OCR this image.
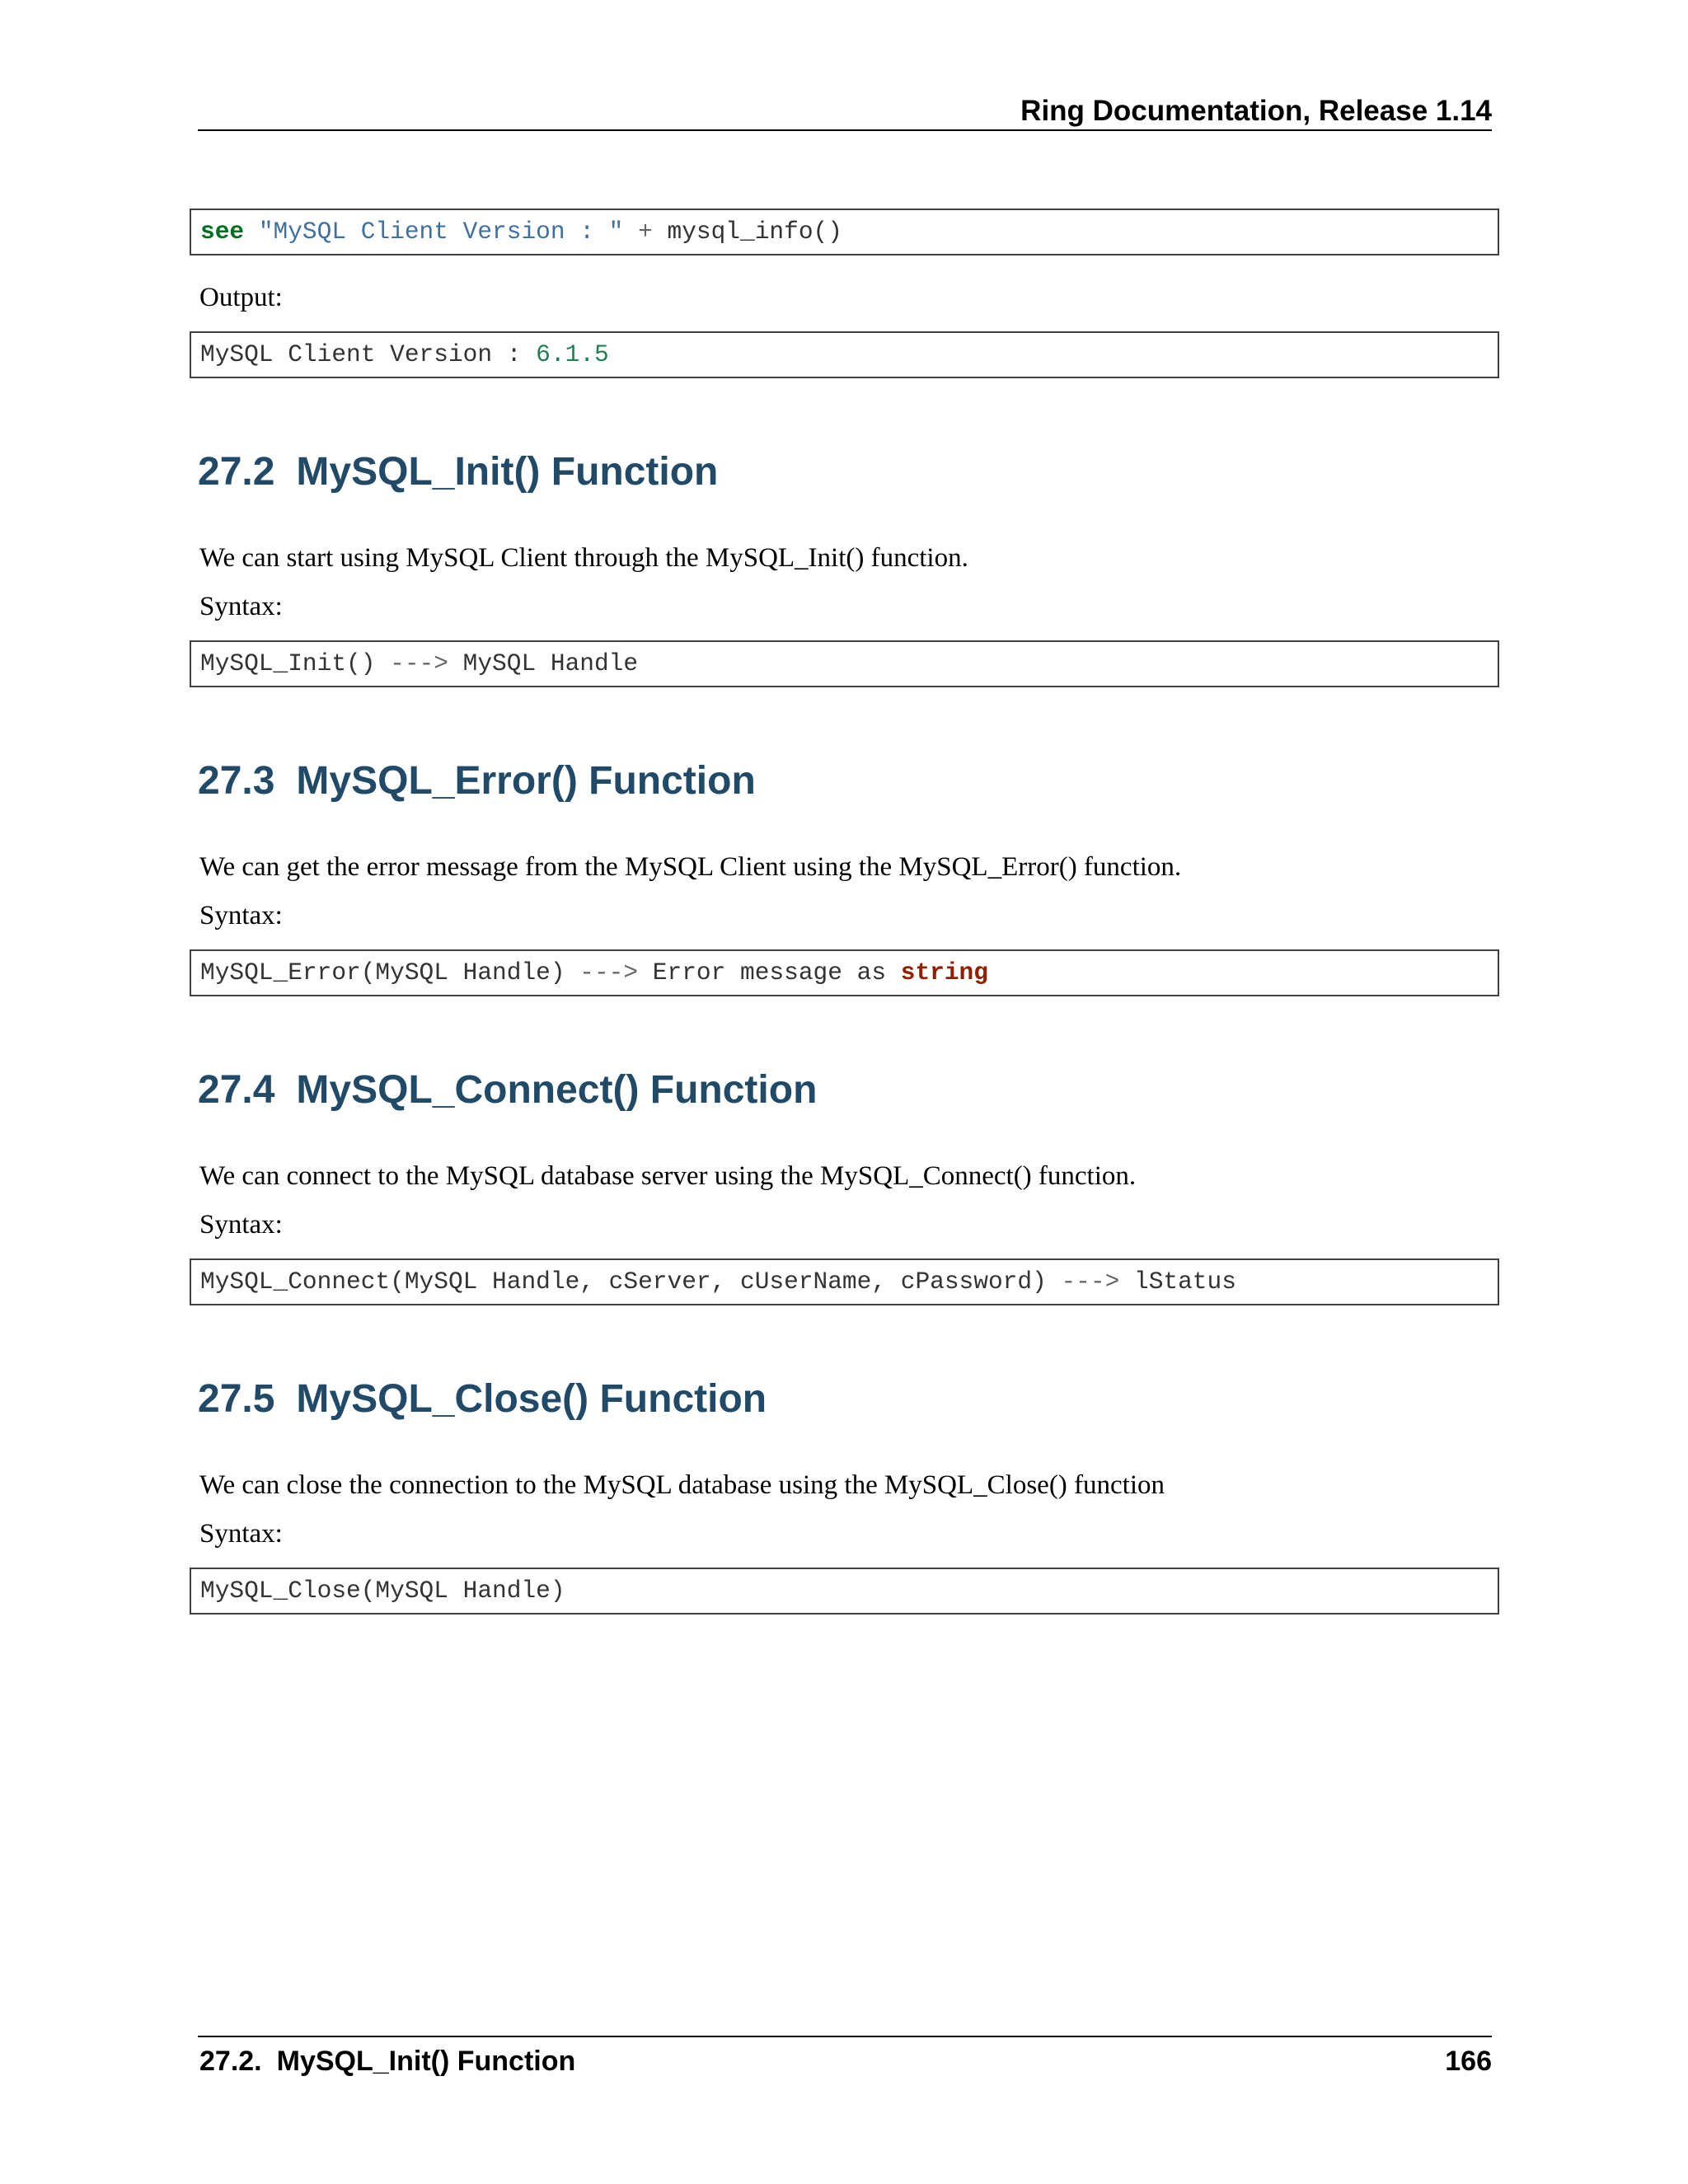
Ring Documentation, Release 1.14
see "MySQL Client Version : " + mysql_info()
Output:
MySQL Client Version : 6.1.5
27.2 MySQL_Init() Function
We can start using MySQL Client through the MySQL_Init() function.
Syntax:
MySQL_Init() ---> MySQL Handle
27.3 MySQL_Error() Function
We can get the error message from the MySQL Client using the MySQL_Error() function.
Syntax:
MySQL_Error(MySQL Handle) ---> Error message as string
27.4 MySQL_Connect() Function
We can connect to the MySQL database server using the MySQL_Connect() function.
Syntax:
MySQL_Connect(MySQL Handle, cServer, cUserName, cPassword) ---> lStatus
27.5 MySQL_Close() Function
We can close the connection to the MySQL database using the MySQL_Close() function
Syntax:
MySQL_Close(MySQL Handle)
27.2. MySQL_Init() Function	166
